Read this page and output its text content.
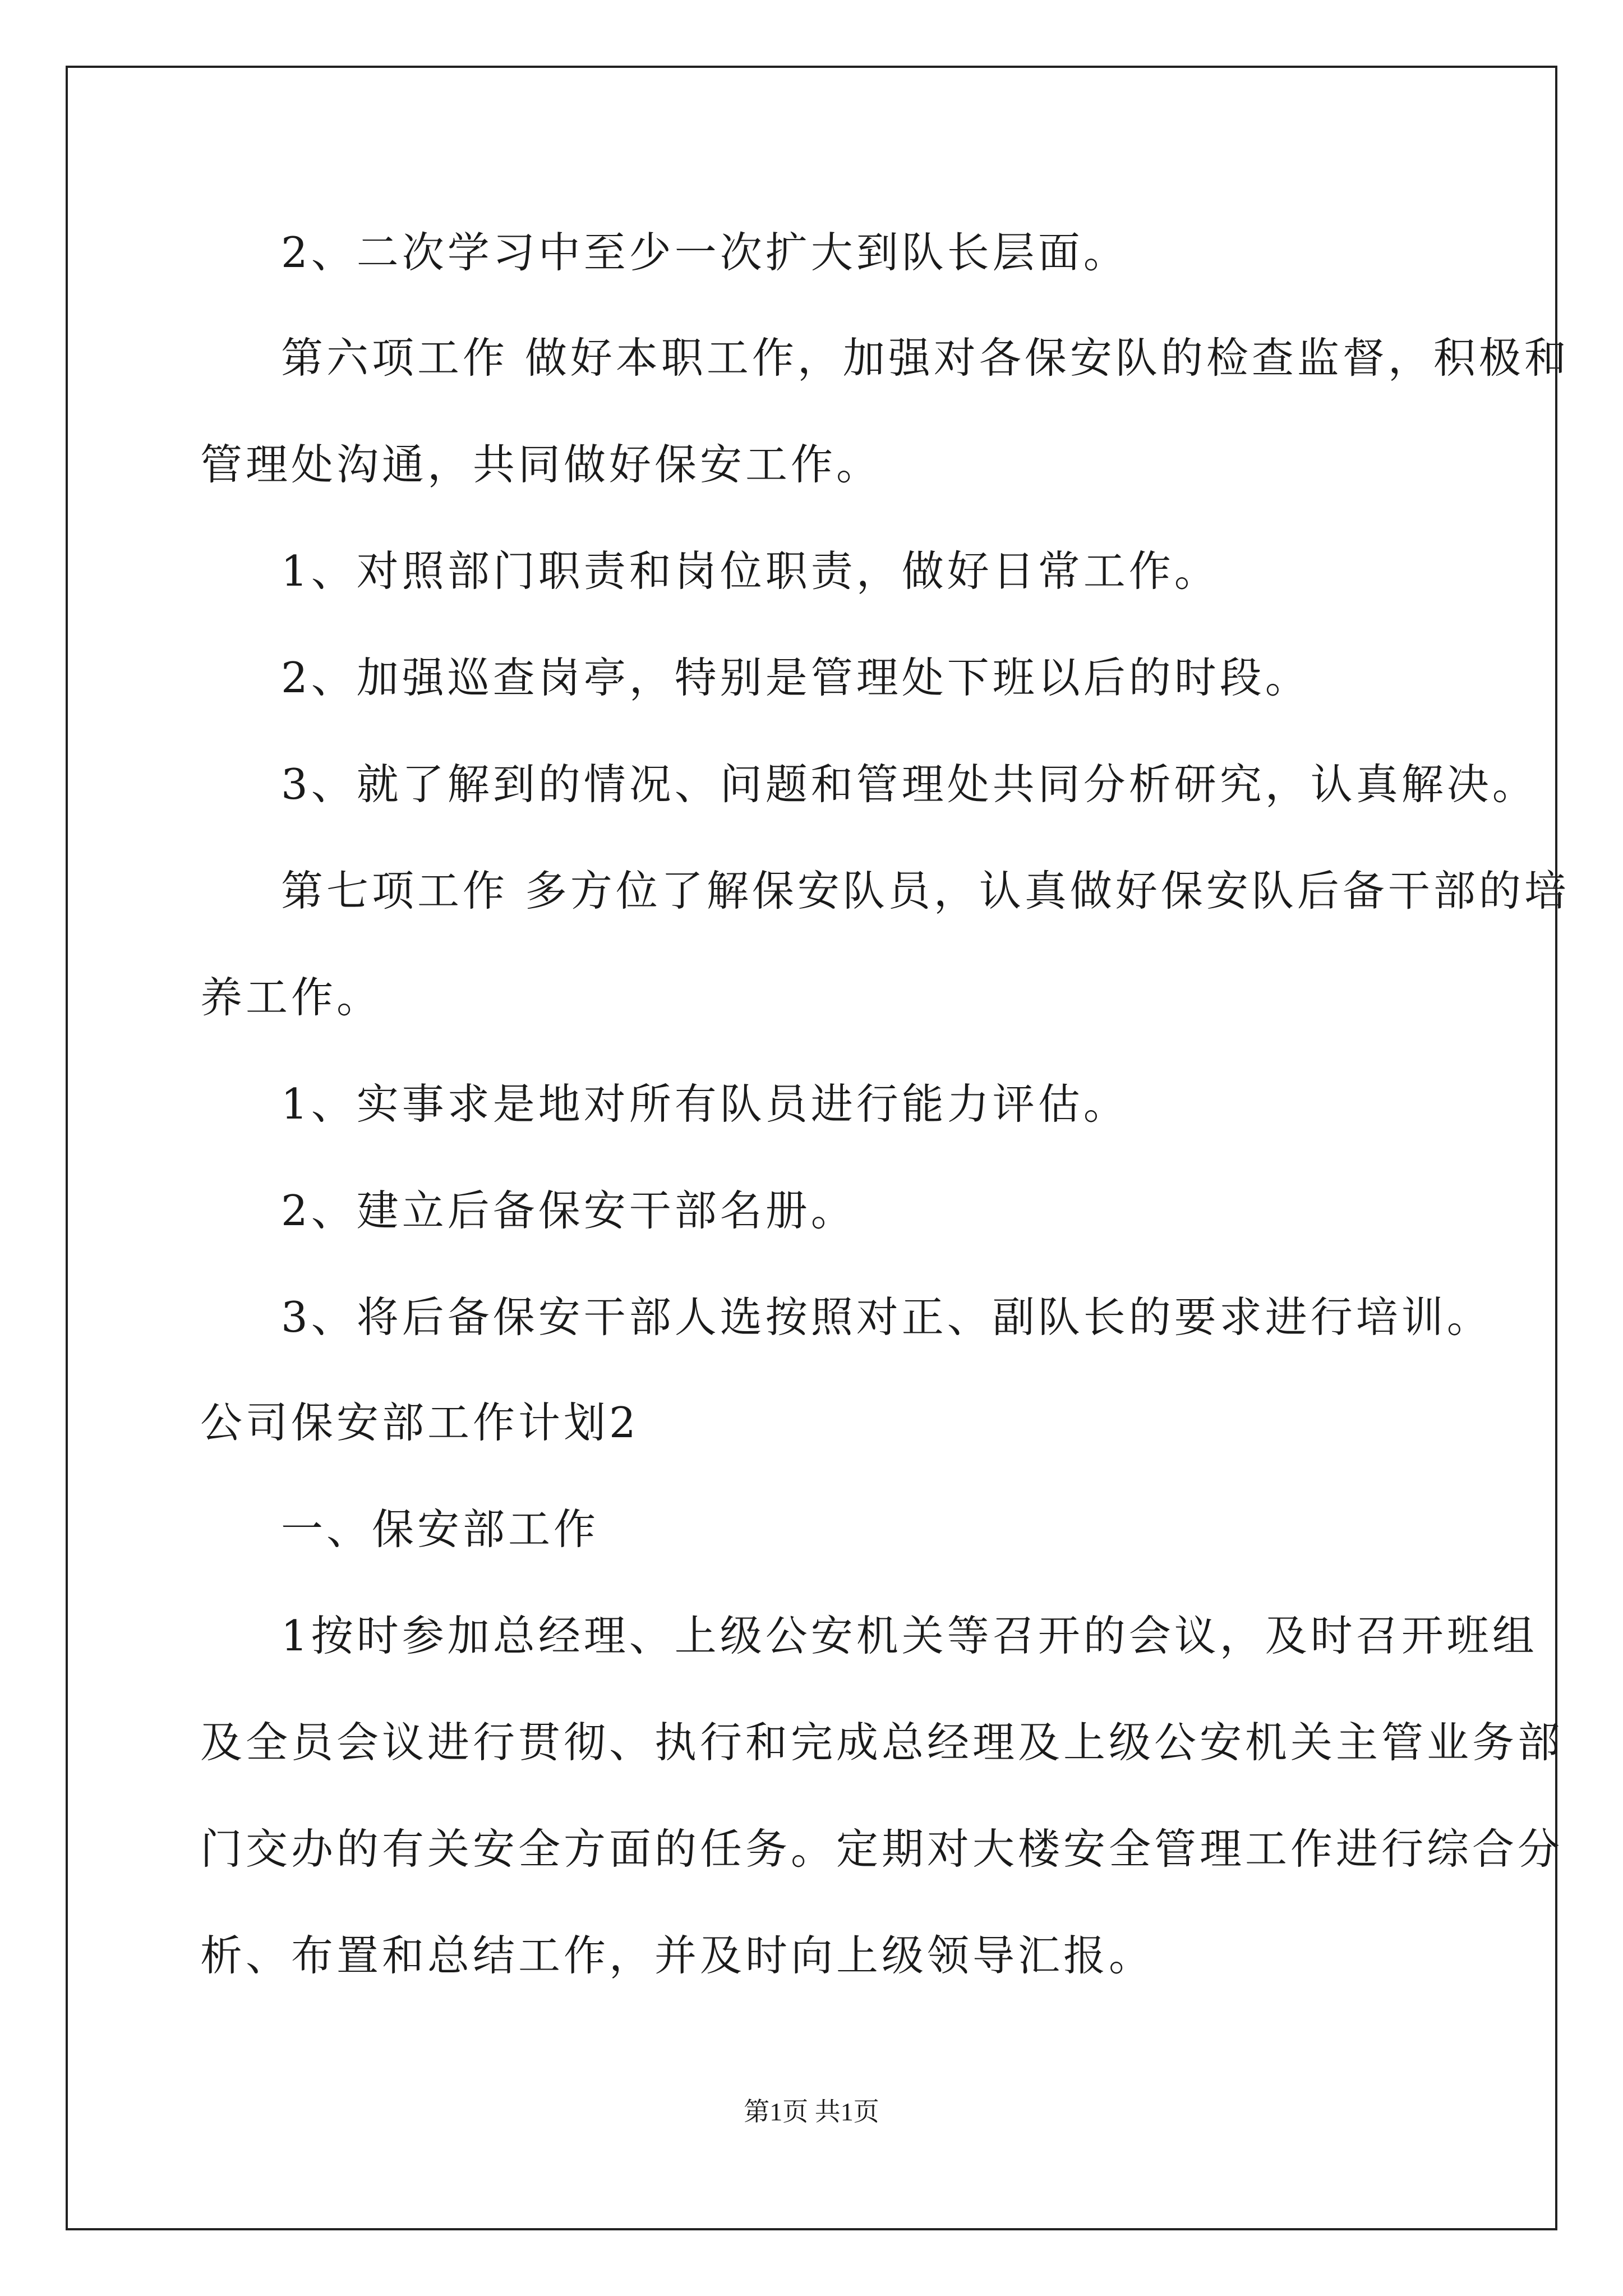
2、二次学习中至少一次扩大到队长层面。
第六项工作 做好本职工作，加强对各保安队的检查监督，积极和
管理处沟通，共同做好保安工作。
1、对照部门职责和岗位职责，做好日常工作。
2、加强巡查岗亭，特别是管理处下班以后的时段。
3、就了解到的情况、问题和管理处共同分析研究，认真解决。
第七项工作 多方位了解保安队员，认真做好保安队后备干部的培
养工作。
1、实事求是地对所有队员进行能力评估。
2、建立后备保安干部名册。
3、将后备保安干部人选按照对正、副队长的要求进行培训。
公司保安部工作计划2
一、保安部工作
1按时参加总经理、上级公安机关等召开的会议，及时召开班组
及全员会议进行贯彻、执行和完成总经理及上级公安机关主管业务部
门交办的有关安全方面的任务。定期对大楼安全管理工作进行综合分
析、布置和总结工作，并及时向上级领导汇报。
第1页 共1页
